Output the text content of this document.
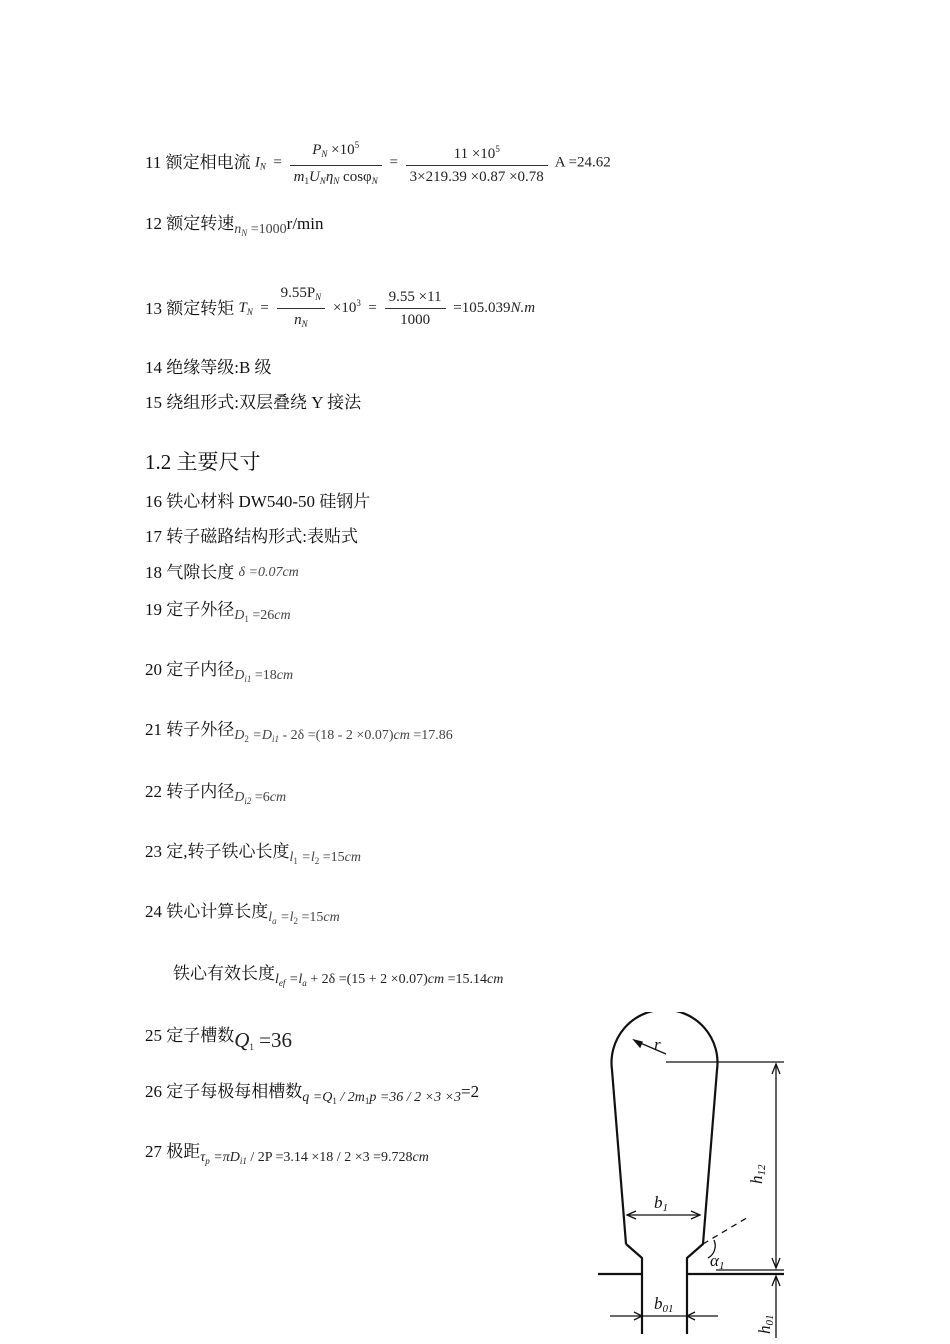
11 额定相电流 $I_N = \frac{P_N \times 10^5}{m_1U_N\eta_N \cos\varphi_N} = \frac{11 \times 10^5}{3\times 219.39 \times 0.87 \times 0.78}$ A =24.62
12 额定转速$n_N =1000r/\min$
13 额定转矩 $T_N = \frac{9.55P_N}{n_N} \times 10^3 = \frac{9.55 \times 11}{1000} =105.039N.m$
14 绝缘等级:B 级
15 绕组形式:双层叠绕 Y 接法
1.2 主要尺寸
16 铁心材料 DW540-50 硅钢片
17 转子磁路结构形式:表贴式
18 气隙长度 δ =0.07cm
19 定子外径$D_1 =26cm$
20 定子内径$D_{i1} =18cm$
21 转子外径$D_2 =D_{i1} - 2\delta =(18 - 2 \times 0.07)cm =17.86$
22 转子内径$D_{i2} =6cm$
23 定,转子铁心长度$l_1 =l_2 =15cm$
24 铁心计算长度$l_a =l_2 =15cm$
铁心有效长度$l_{ef} =l_a + 2\delta =(15 + 2 \times 0.07)cm =15.14cm$
25 定子槽数$Q_1 =36$
26 定子每极每相槽数$q =Q_1 / 2m_1p =36 / 2 \times 3 \times 3=2$
27 极距$\tau_p =\pi D_{i1} / 2P =3.14 \times 18 / 2 \times 3 =9.728cm$
r
h12
b1
α1
b01
h01
